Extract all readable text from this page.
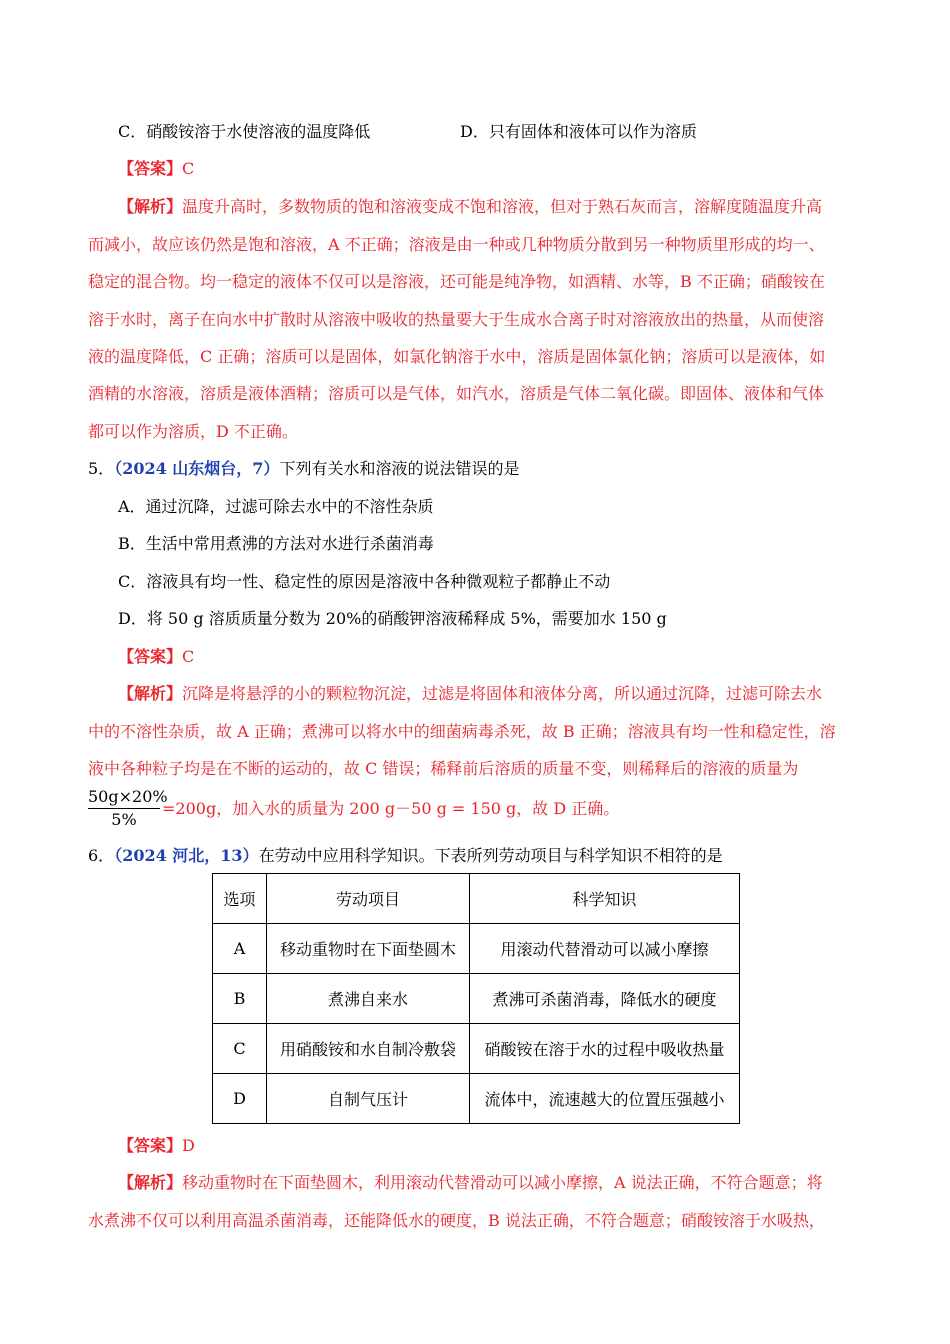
C．硝酸铵溶于水使溶液的温度降低	D．只有固体和液体可以作为溶质
【答案】C
【解析】温度升高时，多数物质的饱和溶液变成不饱和溶液，但对于熟石灰而言，溶解度随温度升高
而减小，故应该仍然是饱和溶液，A 不正确；溶液是由一种或几种物质分散到另一种物质里形成的均一、
稳定的混合物。均一稳定的液体不仅可以是溶液，还可能是纯净物，如酒精、水等，B 不正确；硝酸铵在
溶于水时，离子在向水中扩散时从溶液中吸收的热量要大于生成水合离子时对溶液放出的热量，从而使溶
液的温度降低，C 正确；溶质可以是固体，如氯化钠溶于水中，溶质是固体氯化钠；溶质可以是液体，如
酒精的水溶液，溶质是液体酒精；溶质可以是气体，如汽水，溶质是气体二氧化碳。即固体、液体和气体
都可以作为溶质，D 不正确。
5．（2024 山东烟台，7）下列有关水和溶液的说法错误的是
A．通过沉降，过滤可除去水中的不溶性杂质
B．生活中常用煮沸的方法对水进行杀菌消毒
C．溶液具有均一性、稳定性的原因是溶液中各种微观粒子都静止不动
D．将 50 g 溶质质量分数为 20%的硝酸钾溶液稀释成 5%，需要加水 150 g
【答案】C
【解析】沉降是将悬浮的小的颗粒物沉淀，过滤是将固体和液体分离，所以通过沉降，过滤可除去水
中的不溶性杂质，故 A 正确；煮沸可以将水中的细菌病毒杀死，故 B 正确；溶液具有均一性和稳定性，溶
液中各种粒子均是在不断的运动的，故 C 错误；稀释前后溶质的质量不变，则稀释后的溶液的质量为
$\frac{50g\times 20\%}{5\%} =200g$，加入水的质量为 200 g－50 g = 150 g，故 D 正确。
6．（2024 河北，13）在劳动中应用科学知识。下表所列劳动项目与科学知识不相符的是
选项	劳动项目	科学知识
A	移动重物时在下面垫圆木	用滚动代替滑动可以减小摩擦
B	煮沸自来水	煮沸可杀菌消毒，降低水的硬度
C	用硝酸铵和水自制冷敷袋	硝酸铵在溶于水的过程中吸收热量
D	自制气压计	流体中，流速越大的位置压强越小
【答案】D
【解析】移动重物时在下面垫圆木，利用滚动代替滑动可以减小摩擦，A 说法正确，不符合题意；将
水煮沸不仅可以利用高温杀菌消毒，还能降低水的硬度，B 说法正确，不符合题意；硝酸铵溶于水吸热，
